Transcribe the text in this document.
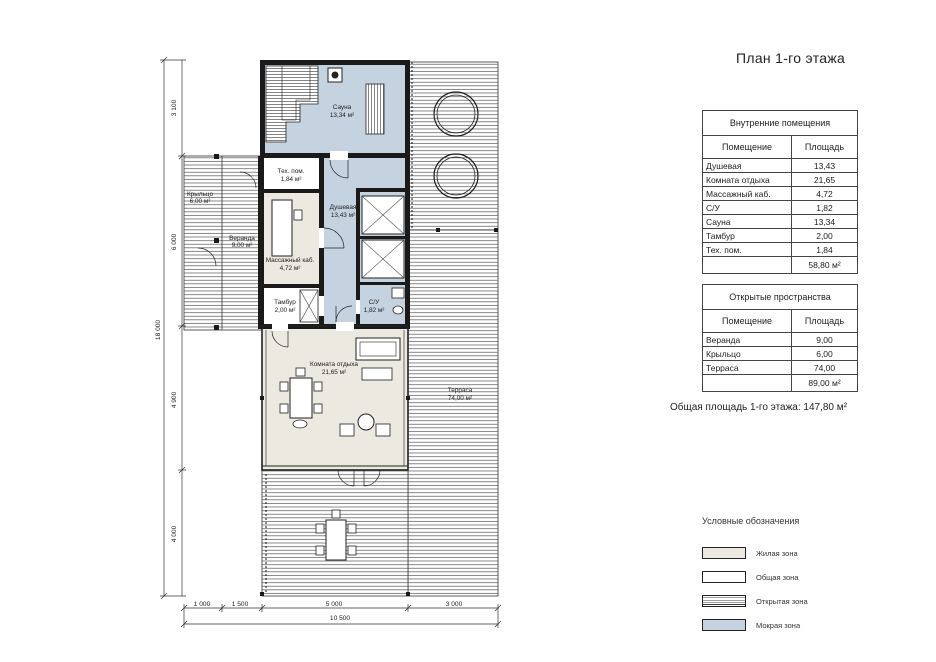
Сауна
13,34 м²
Тех. пом.
1,84 м²
Душевая
13,43 м²
Массажный каб.
4,72 м²
Тамбур
2,00 м²
С/У
1,82 м²
Комната отдыха
21,65 м²
Крыльцо
6,00 м²
Веранда
9,00 м²
Терраса
74,00 м²
3 100
6 000
4 900
4 000
18 000
1 000	1 500	5 000	3 000
10 500
План 1-го этажа
Внутренние помещения	
Помещение	Площадь
Душевая	13,43
Комната отдыха	21,65
Массажный каб.	4,72
С/У	1,82
Сауна	13,34
Тамбур	2,00
Тех. пом.	1,84
	58,80 м²
Открытые пространства	
Помещение	Площадь
Веранда	9,00
Крыльцо	6,00
Терраса	74,00
	89,00 м²
Общая площадь 1-го этажа: 147,80 м²
Условные обозначения
Жилая зона
Общая зона
Открытая зона
Мокрая зона
